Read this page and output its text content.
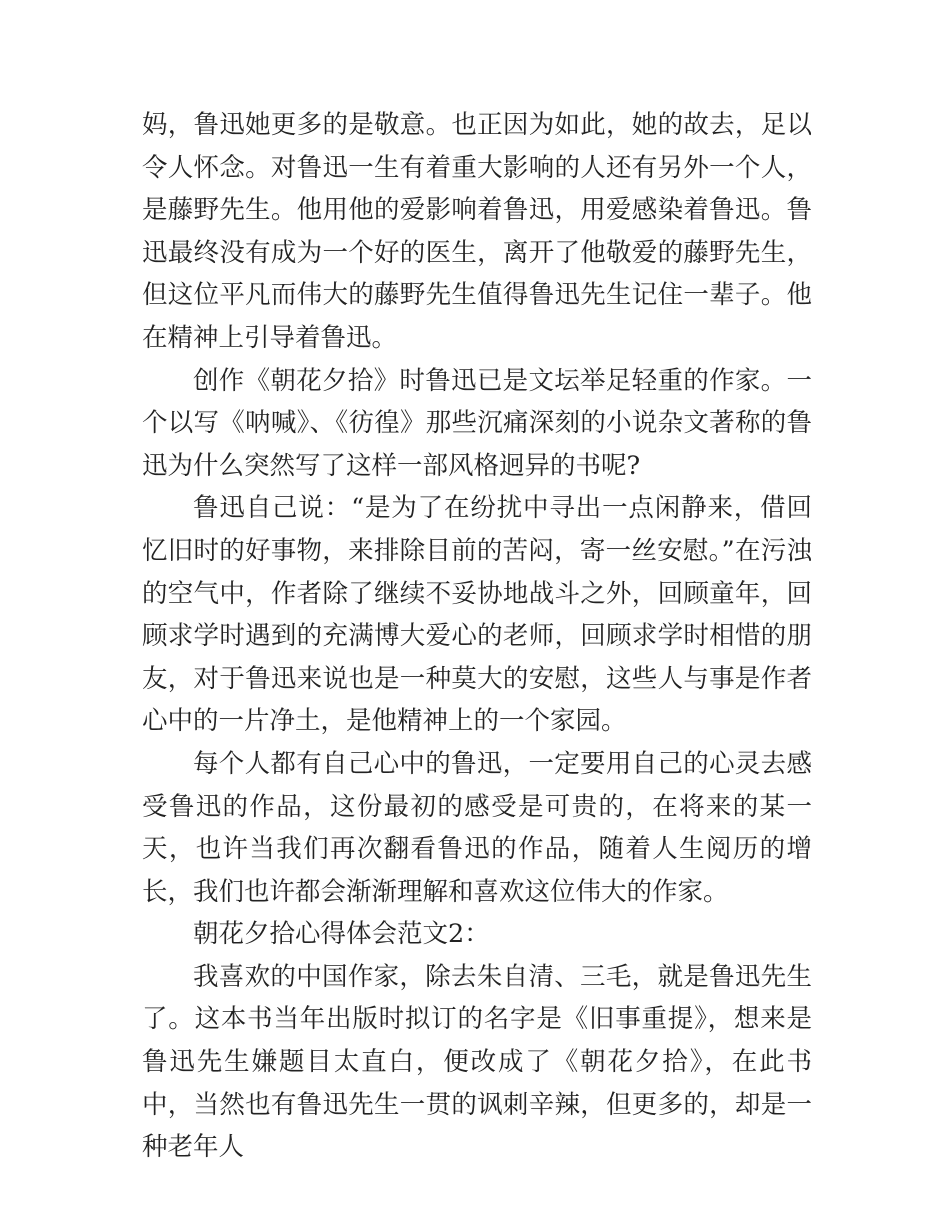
妈，鲁迅她更多的是敬意。也正因为如此，她的故去，足以令人怀念。对鲁迅一生有着重大影响的人还有另外一个人，是藤野先生。他用他的爱影响着鲁迅，用爱感染着鲁迅。鲁迅最终没有成为一个好的医生，离开了他敬爱的藤野先生，但这位平凡而伟大的藤野先生值得鲁迅先生记住一辈子。他在精神上引导着鲁迅。

创作《朝花夕拾》时鲁迅已是文坛举足轻重的作家。一个以写《呐喊》、《彷徨》那些沉痛深刻的小说杂文著称的鲁迅为什么突然写了这样一部风格迥异的书呢?

鲁迅自己说：“是为了在纷扰中寻出一点闲静来，借回忆旧时的好事物，来排除目前的苦闷，寄一丝安慰。”在污浊的空气中，作者除了继续不妥协地战斗之外，回顾童年，回顾求学时遇到的充满博大爱心的老师，回顾求学时相惜的朋友，对于鲁迅来说也是一种莫大的安慰，这些人与事是作者心中的一片净土，是他精神上的一个家园。

每个人都有自己心中的鲁迅，一定要用自己的心灵去感受鲁迅的作品，这份最初的感受是可贵的，在将来的某一天，也许当我们再次翻看鲁迅的作品，随着人生阅历的增长，我们也许都会渐渐理解和喜欢这位伟大的作家。

朝花夕拾心得体会范文2：

我喜欢的中国作家，除去朱自清、三毛，就是鲁迅先生了。这本书当年出版时拟订的名字是《旧事重提》，想来是鲁迅先生嫌题目太直白，便改成了《朝花夕拾》，在此书中，当然也有鲁迅先生一贯的讽刺辛辣，但更多的，却是一种老年人
